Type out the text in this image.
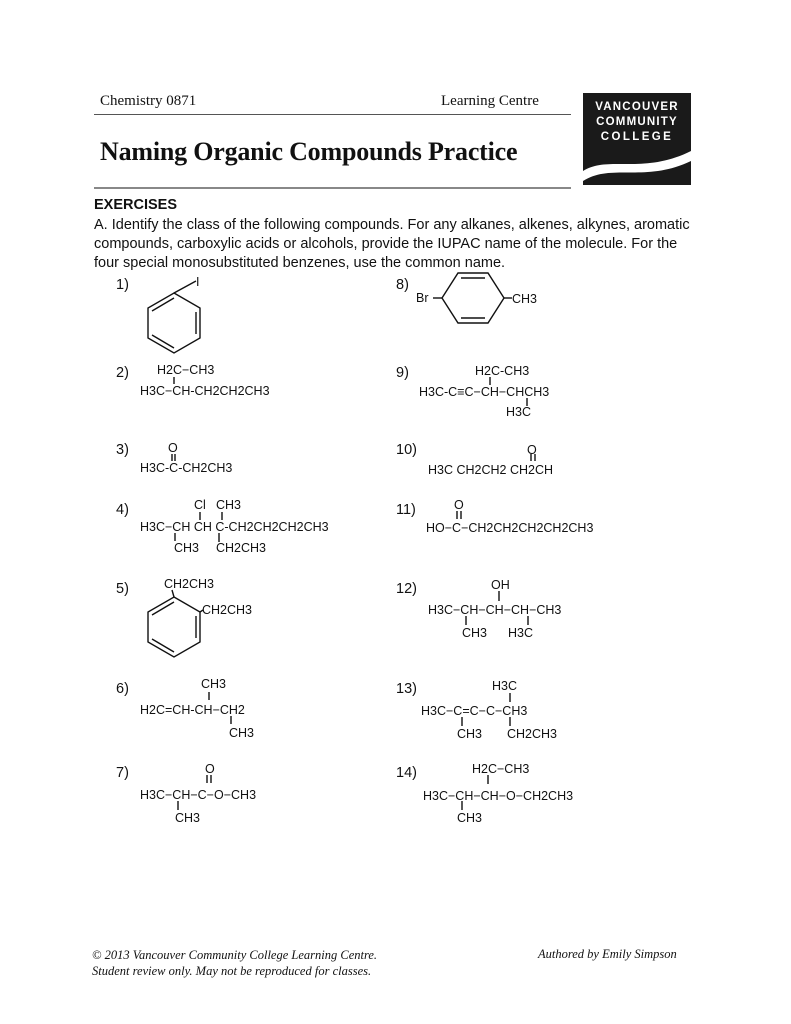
Chemistry 0871	Learning Centre
Naming Organic Compounds Practice
VANCOUVER
COMMUNITY
COLLEGE
EXERCISES
A. Identify the class of the following compounds. For any alkanes, alkenes, alkynes, aromatic compounds, carboxylic acids or alcohols, provide the IUPAC name of the molecule. For the four special monosubstituted benzenes, use the common name.
1)
2)
3)
4)
5)
6)
7)
8)
9)
10)
11)
12)
13)
14)
I
H2C−CH3
H3C−CH-CH2CH2CH3
O
H3C-C-CH2CH3
Cl CH3
H3C−CH CH C-CH2CH2CH2CH3
CH3 CH2CH3
CH2CH3
CH2CH3
CH3
H2C=CH-CH−CH2
CH3
O
H3C−CH−C−O−CH3
CH3
Br	CH3
H2C-CH3
H3C-C≡C−CH−CHCH3
H3C
O
H3C CH2CH2 CH2CH
O
HO−C−CH2CH2CH2CH2CH3
OH
H3C−CH−CH−CH−CH3
CH3 H3C
H3C
H3C−C=C−C−CH3
CH3 CH2CH3
H2C−CH3
H3C−CH−CH−O−CH2CH3
CH3
© 2013 Vancouver Community College Learning Centre.
Student review only. May not be reproduced for classes.
Authored by Emily Simpson
